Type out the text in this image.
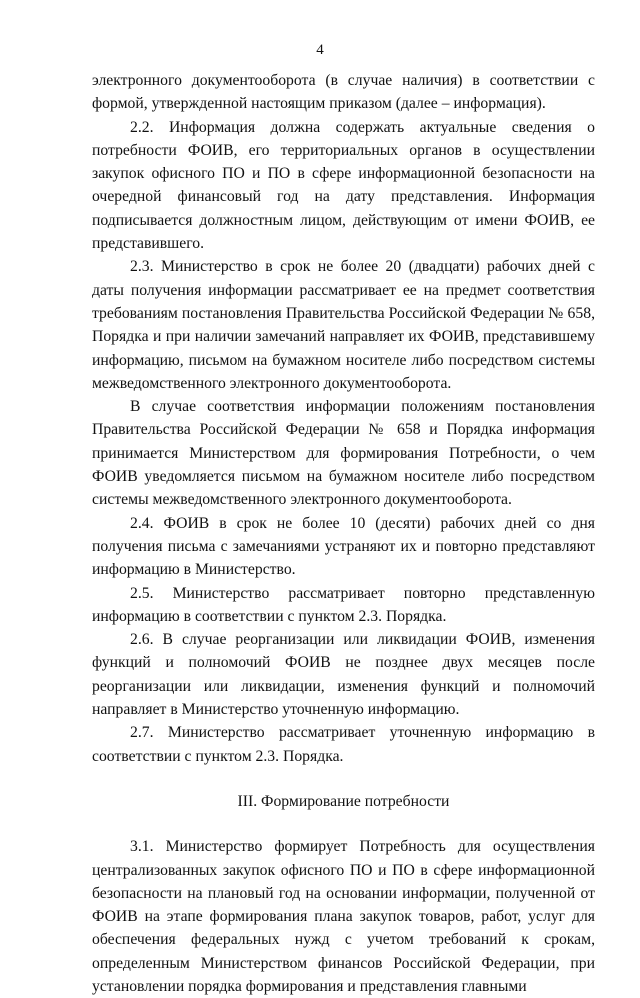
4

электронного документооборота (в случае наличия) в соответствии с формой, утвержденной настоящим приказом (далее – информация).

2.2. Информация должна содержать актуальные сведения о потребности ФОИВ, его территориальных органов в осуществлении закупок офисного ПО и ПО в сфере информационной безопасности на очередной финансовый год на дату представления. Информация подписывается должностным лицом, действующим от имени ФОИВ, ее представившего.

2.3. Министерство в срок не более 20 (двадцати) рабочих дней с даты получения информации рассматривает ее на предмет соответствия требованиям постановления Правительства Российской Федерации № 658, Порядка и при наличии замечаний направляет их ФОИВ, представившему информацию, письмом на бумажном носителе либо посредством системы межведомственного электронного документооборота.

В случае соответствия информации положениям постановления Правительства Российской Федерации № 658 и Порядка информация принимается Министерством для формирования Потребности, о чем ФОИВ уведомляется письмом на бумажном носителе либо посредством системы межведомственного электронного документооборота.

2.4. ФОИВ в срок не более 10 (десяти) рабочих дней со дня получения письма с замечаниями устраняют их и повторно представляют информацию в Министерство.

2.5. Министерство рассматривает повторно представленную информацию в соответствии с пунктом 2.3. Порядка.

2.6. В случае реорганизации или ликвидации ФОИВ, изменения функций и полномочий ФОИВ не позднее двух месяцев после реорганизации или ликвидации, изменения функций и полномочий направляет в Министерство уточненную информацию.

2.7. Министерство рассматривает уточненную информацию в соответствии с пунктом 2.3. Порядка.

III. Формирование потребности

3.1. Министерство формирует Потребность для осуществления централизованных закупок офисного ПО и ПО в сфере информационной безопасности на плановый год на основании информации, полученной от ФОИВ на этапе формирования плана закупок товаров, работ, услуг для обеспечения федеральных нужд с учетом требований к срокам, определенным Министерством финансов Российской Федерации, при установлении порядка формирования и представления главными
